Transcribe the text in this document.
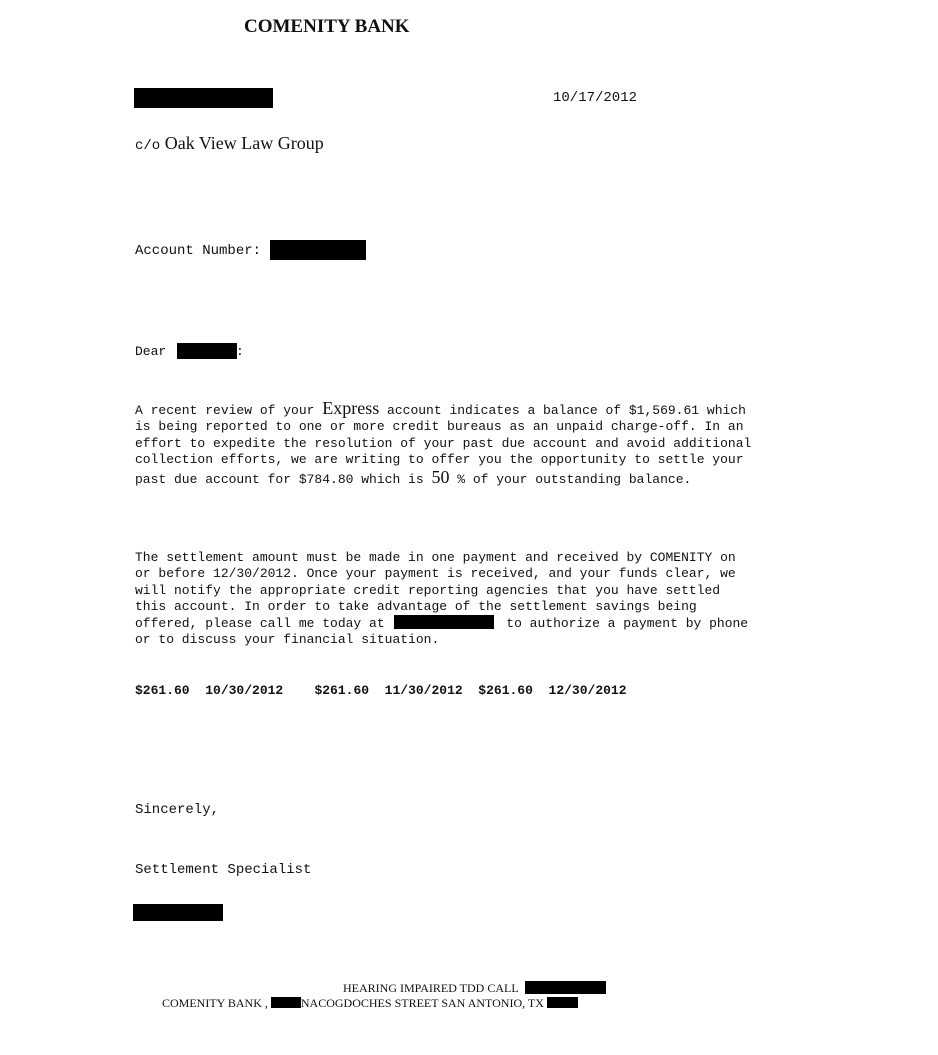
COMENITY BANK
10/17/2012
c/o Oak View Law Group
Account Number:
Dear	:
A recent review of your Express account indicates a balance of $1,569.61 which
is being reported to one or more credit bureaus as an unpaid charge-off. In an
effort to expedite the resolution of your past due account and avoid additional
collection efforts, we are writing to offer you the opportunity to settle your
past due account for $784.80 which is 50 % of your outstanding balance.
The settlement amount must be made in one payment and received by COMENITY on
or before 12/30/2012. Once your payment is received, and your funds clear, we
will notify the appropriate credit reporting agencies that you have settled
this account. In order to take advantage of the settlement savings being
offered, please call me today at	to authorize a payment by phone
or to discuss your financial situation.
$261.60 10/30/2012 $261.60 11/30/2012 $261.60 12/30/2012
Sincerely,
Settlement Specialist
HEARING IMPAIRED TDD CALL
COMENITY BANK ,	NACOGDOCHES STREET SAN ANTONIO, TX
